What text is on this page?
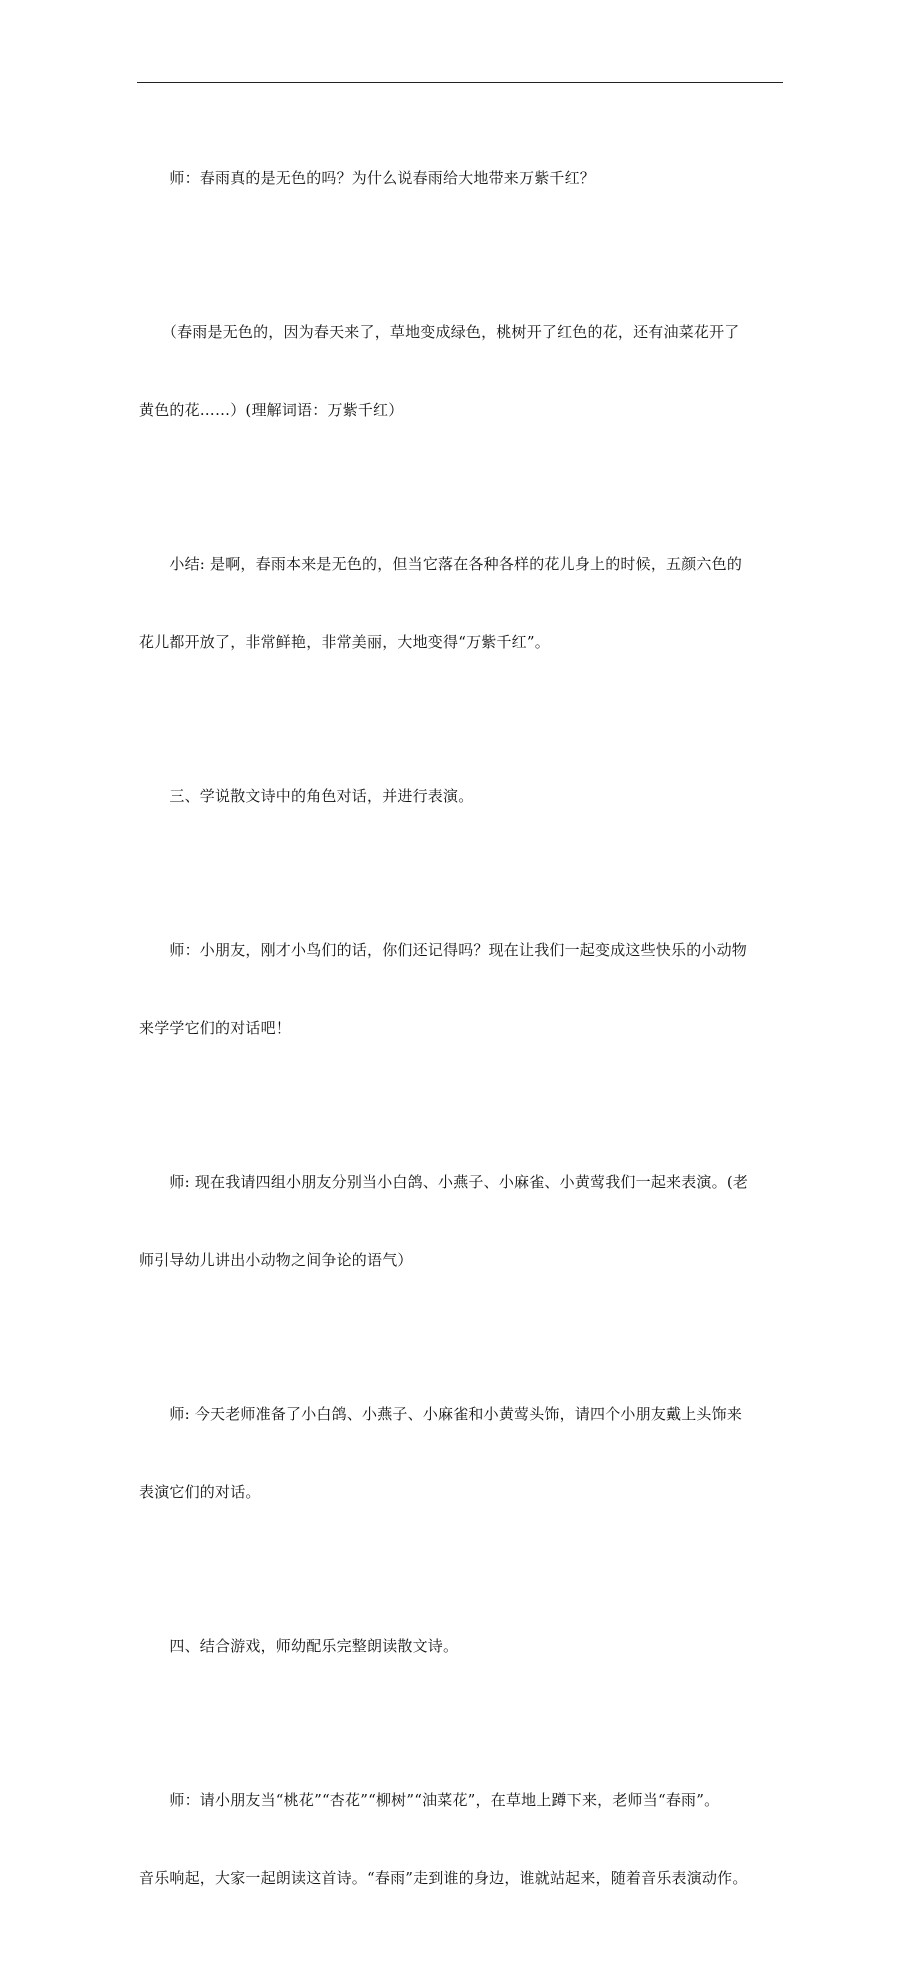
　　师：春雨真的是无色的吗？为什么说春雨给大地带来万紫千红？

　　（春雨是无色的，因为春天来了，草地变成绿色，桃树开了红色的花，还有油菜花开了

黄色的花……）(理解词语：万紫千红）

　　小结: 是啊，春雨本来是无色的，但当它落在各种各样的花儿身上的时候，五颜六色的

花儿都开放了，非常鲜艳，非常美丽，大地变得“万紫千红”。

　　三、学说散文诗中的角色对话，并进行表演。

　　师：小朋友，刚才小鸟们的话，你们还记得吗？现在让我们一起变成这些快乐的小动物

来学学它们的对话吧！

　　师: 现在我请四组小朋友分别当小白鸽、小燕子、小麻雀、小黄莺我们一起来表演。(老

师引导幼儿讲出小动物之间争论的语气）

　　师: 今天老师准备了小白鸽、小燕子、小麻雀和小黄莺头饰，请四个小朋友戴上头饰来

表演它们的对话。

　　四、结合游戏，师幼配乐完整朗读散文诗。

　　师：请小朋友当“桃花”“杏花”“柳树”“油菜花”，在草地上蹲下来，老师当“春雨”。

音乐响起，大家一起朗读这首诗。“春雨”走到谁的身边，谁就站起来，随着音乐表演动作。
